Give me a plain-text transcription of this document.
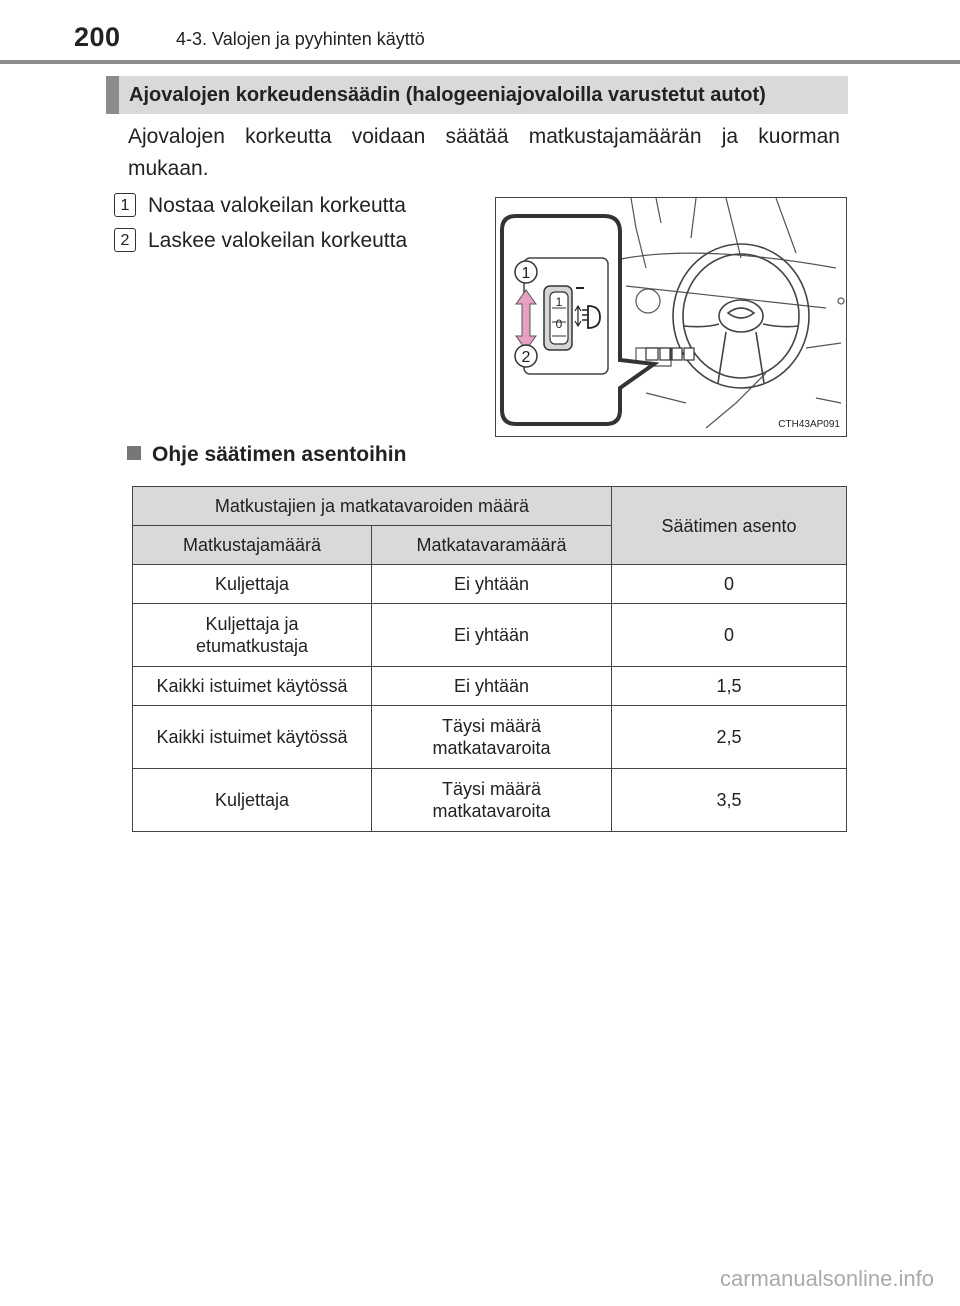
200	4-3. Valojen ja pyyhinten käyttö
Ajovalojen korkeudensäädin (halogeeniajovaloilla varustetut autot)

Ajovalojen korkeutta voidaan säätää matkustajamäärän ja kuorman mukaan.

1 Nostaa valokeilan korkeutta
2 Laskee valokeilan korkeutta
1
0
1
2
CTH43AP091
Ohje säätimen asentoihin
Matkustajien ja matkatavaroiden määrä		Säätimen asento
Matkustajamäärä	Matkatavaramäärä	
Kuljettaja	Ei yhtään	0
Kuljettaja ja
etumatkustaja	Ei yhtään	0
Kaikki istuimet käytössä	Ei yhtään	1,5
Kaikki istuimet käytössä	Täysi määrä
matkatavaroita	2,5
Kuljettaja	Täysi määrä
matkatavaroita	3,5
carmanualsonline.info
